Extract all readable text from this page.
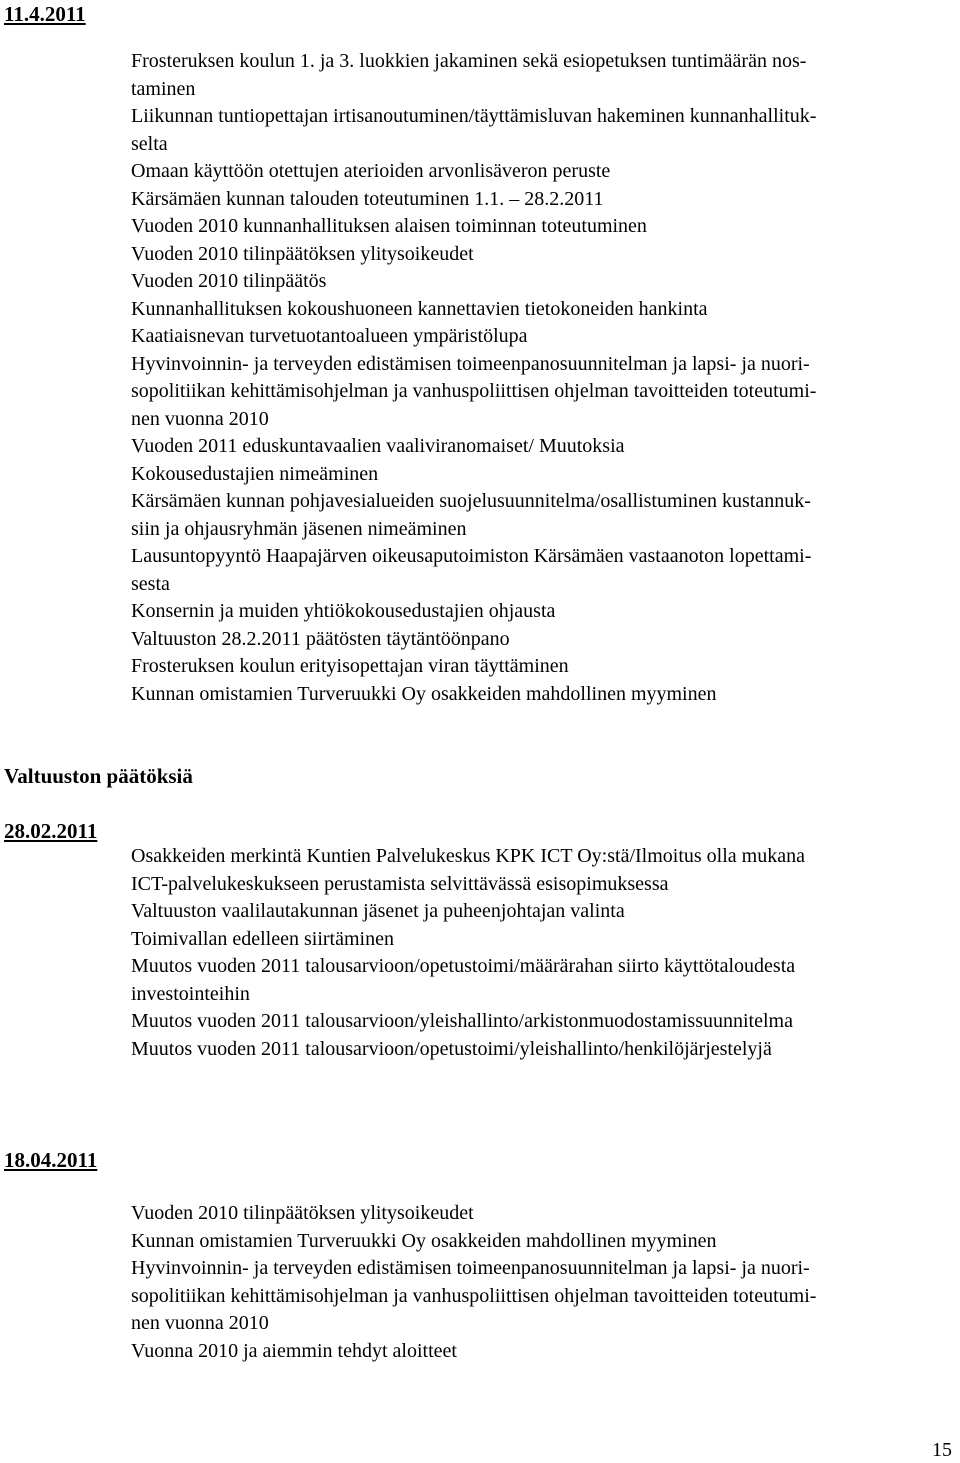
11.4.2011
Frosteruksen koulun 1. ja 3. luokkien jakaminen sekä esiopetuksen tuntimäärän nos-
taminen
Liikunnan tuntiopettajan irtisanoutuminen/täyttämisluvan hakeminen kunnanhallituk-
selta
Omaan käyttöön otettujen aterioiden arvonlisäveron peruste
Kärsämäen kunnan talouden toteutuminen 1.1. – 28.2.2011
Vuoden 2010 kunnanhallituksen alaisen toiminnan toteutuminen
Vuoden 2010 tilinpäätöksen ylitysoikeudet
Vuoden 2010 tilinpäätös
Kunnanhallituksen kokoushuoneen kannettavien tietokoneiden hankinta
Kaatiaisnevan turvetuotantoalueen ympäristölupa
Hyvinvoinnin- ja terveyden edistämisen toimeenpanosuunnitelman ja lapsi- ja nuori-
sopolitiikan kehittämisohjelman ja vanhuspoliittisen ohjelman tavoitteiden toteutumi-
nen vuonna 2010
Vuoden 2011 eduskuntavaalien vaaliviranomaiset/ Muutoksia
Kokousedustajien nimeäminen
Kärsämäen kunnan pohjavesialueiden suojelusuunnitelma/osallistuminen kustannuk-
siin ja ohjausryhmän jäsenen nimeäminen
Lausuntopyyntö Haapajärven oikeusaputoimiston Kärsämäen vastaanoton lopettami-
sesta
Konsernin ja muiden yhtiökokousedustajien ohjausta
Valtuuston 28.2.2011 päätösten täytäntöönpano
Frosteruksen koulun erityisopettajan viran täyttäminen
Kunnan omistamien Turveruukki Oy osakkeiden mahdollinen myyminen
Valtuuston päätöksiä
28.02.2011
Osakkeiden merkintä Kuntien Palvelukeskus KPK ICT Oy:stä/Ilmoitus olla mukana
ICT-palvelukeskukseen perustamista selvittävässä esisopimuksessa
Valtuuston vaalilautakunnan jäsenet ja puheenjohtajan valinta
Toimivallan edelleen siirtäminen
Muutos vuoden 2011 talousarvioon/opetustoimi/määrärahan siirto käyttötaloudesta
investointeihin
Muutos vuoden 2011 talousarvioon/yleishallinto/arkistonmuodostamissuunnitelma
Muutos vuoden 2011 talousarvioon/opetustoimi/yleishallinto/henkilöjärjestelyjä
18.04.2011
Vuoden 2010 tilinpäätöksen ylitysoikeudet
Kunnan omistamien Turveruukki Oy osakkeiden mahdollinen myyminen
Hyvinvoinnin- ja terveyden edistämisen toimeenpanosuunnitelman ja lapsi- ja nuori-
sopolitiikan kehittämisohjelman ja vanhuspoliittisen ohjelman tavoitteiden toteutumi-
nen vuonna 2010
Vuonna 2010 ja aiemmin tehdyt aloitteet
15
